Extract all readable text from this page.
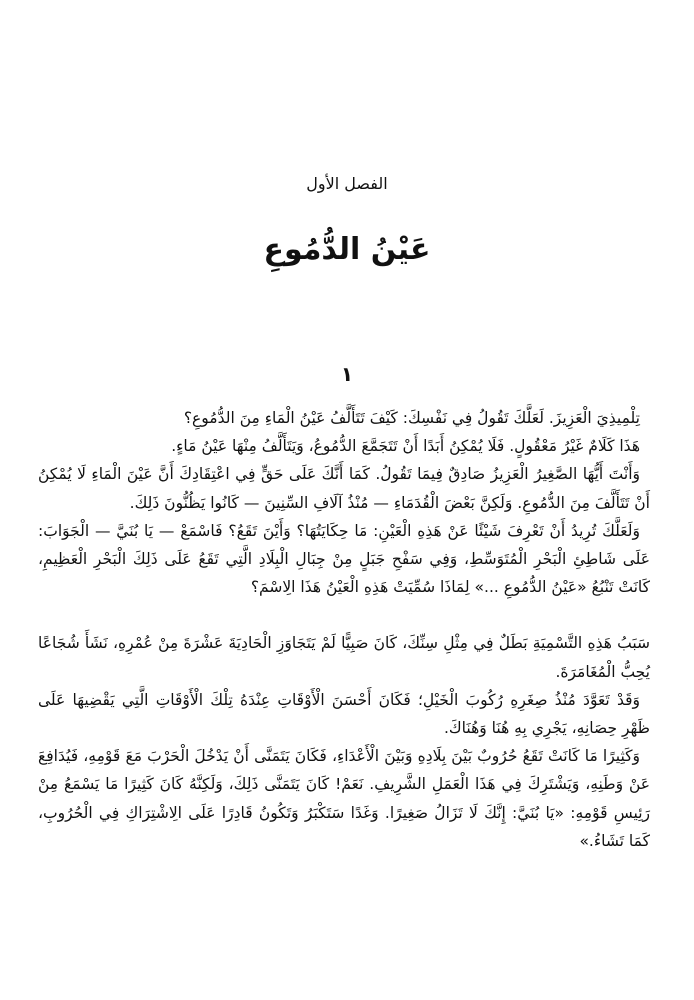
الفصل الأول
عَيْنُ الدُّمُوعِ
١

تِلْمِيذِيَ الْعَزِيزَ. لَعَلَّكَ تَقُولُ فِي نَفْسِكَ: كَيْفَ تَتَأَلَّفُ عَيْنُ الْمَاءِ مِنَ الدُّمُوعِ؟

هَذَا كَلَامٌ غَيْرُ مَعْقُولٍ. فَلَا يُمْكِنُ أَبَدًا أَنْ تَتَجَمَّعَ الدُّمُوعُ، وَيَتَأَلَّفُ مِنْهَا عَيْنُ مَاءٍ.

وَأَنْتَ أَيُّهَا الصَّغِيرُ الْعَزِيزُ صَادِقٌ فِيمَا تَقُولُ. كَمَا أَنَّكَ عَلَى حَقٍّ فِي اعْتِقَادِكَ أَنَّ عَيْنَ الْمَاءِ لَا يُمْكِنُ أَنْ تَتَأَلَّفَ مِنَ الدُّمُوعِ. وَلَكِنَّ بَعْضَ الْقُدَمَاءِ — مُنْذُ آلَافِ السِّنِينَ — كَانُوا يَظُنُّونَ ذَلِكَ.

وَلَعَلَّكَ تُرِيدُ أَنْ تَعْرِفَ شَيْئًا عَنْ هَذِهِ الْعَيْنِ: مَا حِكَايَتُهَا؟ وَأَيْنَ تَقَعُ؟ فَاسْمَعْ — يَا بُنَيَّ — الْجَوَابَ: عَلَى شَاطِئِ الْبَحْرِ الْمُتَوَسِّطِ، وَفِي سَفْحِ جَبَلٍ مِنْ جِبَالِ الْبِلَادِ الَّتِي تَقَعُ عَلَى ذَلِكَ الْبَحْرِ الْعَظِيمِ، كَانَتْ تَنْبُعُ «عَيْنُ الدُّمُوعِ ...» لِمَاذَا سُمِّيَتْ هَذِهِ الْعَيْنُ هَذَا الِاسْمَ؟

سَبَبُ هَذِهِ التَّسْمِيَةِ بَطَلٌ فِي مِثْلِ سِنِّكَ، كَانَ صَبِيًّا لَمْ يَتَجَاوَزِ الْحَادِيَةَ عَشْرَةَ مِنْ عُمْرِهِ، نَشَأَ شُجَاعًا يُحِبُّ الْمُغَامَرَةَ.

وَقَدْ تَعَوَّدَ مُنْذُ صِغَرِهِ رُكُوبَ الْخَيْلِ؛ فَكَانَ أَحْسَنَ الْأَوْقَاتِ عِنْدَهُ تِلْكَ الْأَوْقَاتِ الَّتِي يَقْضِيهَا عَلَى ظَهْرِ حِصَانِهِ، يَجْرِي بِهِ هُنَا وَهُنَاكَ.

وَكَثِيرًا مَا كَانَتْ تَقَعُ حُرُوبٌ بَيْنَ بِلَادِهِ وَبَيْنَ الْأَعْدَاءِ، فَكَانَ يَتَمَنَّى أَنْ يَدْخُلَ الْحَرْبَ مَعَ قَوْمِهِ، فَيُدَافِعَ عَنْ وَطَنِهِ، وَيَشْتَرِكَ فِي هَذَا الْعَمَلِ الشَّرِيفِ. نَعَمْ! كَانَ يَتَمَنَّى ذَلِكَ، وَلَكِنَّهُ كَانَ كَثِيرًا مَا يَسْمَعُ مِنْ رَئِيسِ قَوْمِهِ: «يَا بُنَيَّ: إِنَّكَ لَا تَزَالُ صَغِيرًا. وَغَدًا سَتَكْبَرُ وَتَكُونُ قَادِرًا عَلَى الِاشْتِرَاكِ فِي الْحُرُوبِ، كَمَا تَشَاءُ.»
